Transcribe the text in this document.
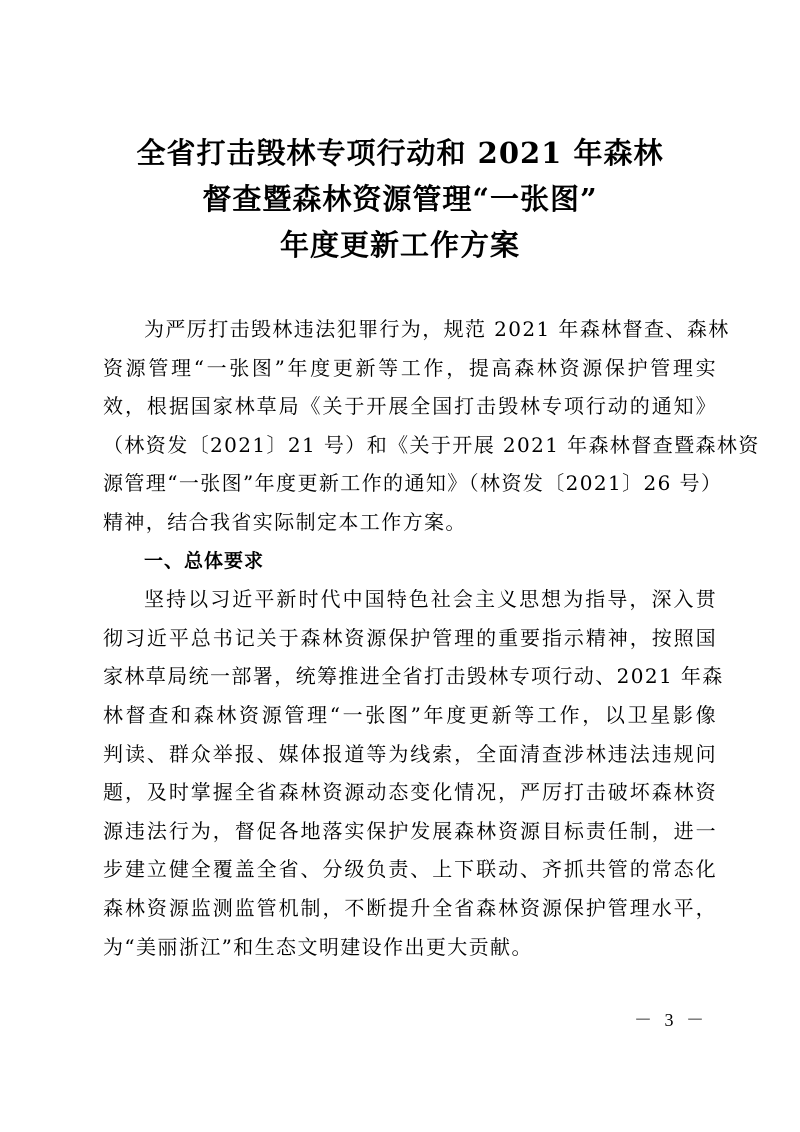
全省打击毁林专项行动和 2021 年森林
督查暨森林资源管理“一张图”
年度更新工作方案
为严厉打击毁林违法犯罪行为，规范 2021 年森林督查、森林
资源管理“一张图”年度更新等工作，提高森林资源保护管理实
效，根据国家林草局《关于开展全国打击毁林专项行动的通知》
（林资发〔2021〕21 号）和《关于开展 2021 年森林督查暨森林资
源管理“一张图”年度更新工作的通知》（林资发〔2021〕26 号）
精神，结合我省实际制定本工作方案。
一、总体要求
坚持以习近平新时代中国特色社会主义思想为指导，深入贯
彻习近平总书记关于森林资源保护管理的重要指示精神，按照国
家林草局统一部署，统筹推进全省打击毁林专项行动、2021 年森
林督查和森林资源管理“一张图”年度更新等工作，以卫星影像
判读、群众举报、媒体报道等为线索，全面清查涉林违法违规问
题，及时掌握全省森林资源动态变化情况，严厉打击破坏森林资
源违法行为，督促各地落实保护发展森林资源目标责任制，进一
步建立健全覆盖全省、分级负责、上下联动、齐抓共管的常态化
森林资源监测监管机制，不断提升全省森林资源保护管理水平，
为“美丽浙江”和生态文明建设作出更大贡献。
－ 3 －
